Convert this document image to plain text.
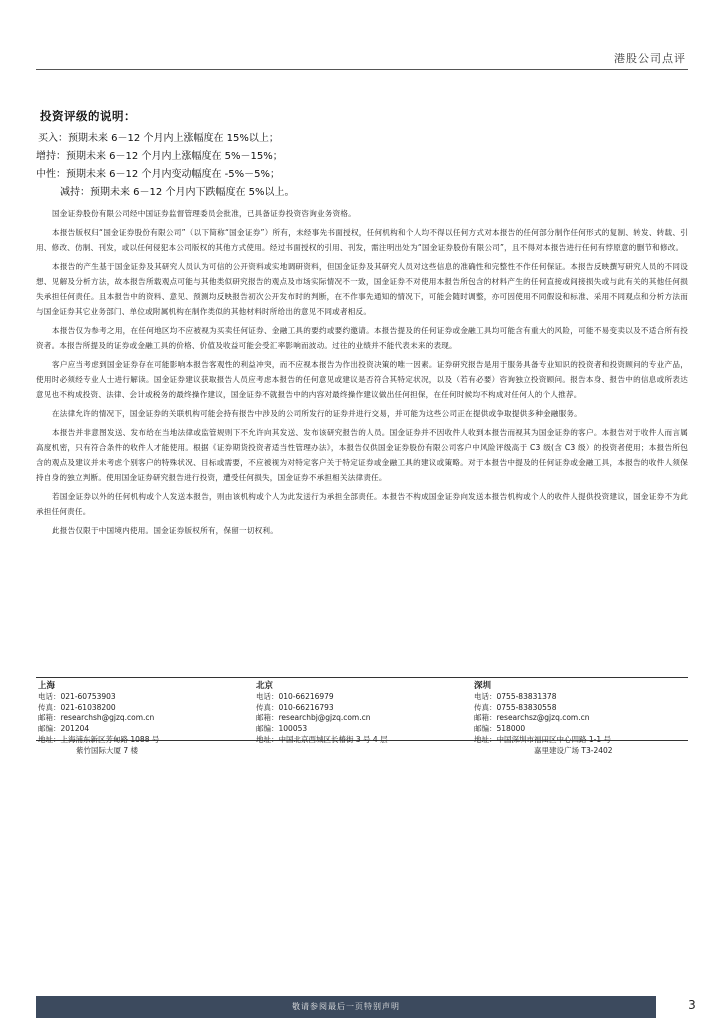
港股公司点评
投资评级的说明：

买入：预期未来 6－12 个月内上涨幅度在 15%以上；

增持：预期未来 6－12 个月内上涨幅度在 5%－15%；

中性：预期未来 6－12 个月内变动幅度在 -5%－5%；

减持：预期未来 6－12 个月内下跌幅度在 5%以上。

国金证券股份有限公司经中国证券监督管理委员会批准，已具备证券投资咨询业务资格。

本报告版权归“国金证券股份有限公司”（以下简称“国金证券”）所有，未经事先书面授权，任何机构和个人均不得以任何方式对本报告的任何部分制作任何形式的复制、转发、转载、引用、修改、仿制、刊发，或以任何侵犯本公司版权的其他方式使用。经过书面授权的引用、刊发，需注明出处为“国金证券股份有限公司”，且不得对本报告进行任何有悖原意的删节和修改。

本报告的产生基于国金证券及其研究人员认为可信的公开资料或实地调研资料，但国金证券及其研究人员对这些信息的准确性和完整性不作任何保证。本报告反映撰写研究人员的不同设想、见解及分析方法，故本报告所载观点可能与其他类似研究报告的观点及市场实际情况不一致，国金证券不对使用本报告所包含的材料产生的任何直接或间接损失或与此有关的其他任何损失承担任何责任。且本报告中的资料、意见、预测均反映报告初次公开发布时的判断，在不作事先通知的情况下，可能会随时调整，亦可因使用不同假设和标准、采用不同观点和分析方法而与国金证券其它业务部门、单位或附属机构在制作类似的其他材料时所给出的意见不同或者相反。

本报告仅为参考之用，在任何地区均不应被视为买卖任何证券、金融工具的要约或要约邀请。本报告提及的任何证券或金融工具均可能含有重大的风险，可能不易变卖以及不适合所有投资者。本报告所提及的证券或金融工具的价格、价值及收益可能会受汇率影响而波动。过往的业绩并不能代表未来的表现。

客户应当考虑到国金证券存在可能影响本报告客观性的利益冲突，而不应视本报告为作出投资决策的唯一因素。证券研究报告是用于服务具备专业知识的投资者和投资顾问的专业产品，使用时必须经专业人士进行解读。国金证券建议获取报告人员应考虑本报告的任何意见或建议是否符合其特定状况，以及（若有必要）咨询独立投资顾问。报告本身、报告中的信息或所表达意见也不构成投资、法律、会计或税务的最终操作建议，国金证券不就报告中的内容对最终操作建议做出任何担保，在任何时候均不构成对任何人的个人推荐。

在法律允许的情况下，国金证券的关联机构可能会持有报告中涉及的公司所发行的证券并进行交易，并可能为这些公司正在提供或争取提供多种金融服务。

本报告并非意图发送、发布给在当地法律或监管规则下不允许向其发送、发布该研究报告的人员。国金证券并不因收件人收到本报告而视其为国金证券的客户。本报告对于收件人而言属高度机密，只有符合条件的收件人才能使用。根据《证券期货投资者适当性管理办法》，本报告仅供国金证券股份有限公司客户中风险评级高于 C3 级(含 C3 级）的投资者使用；本报告所包含的观点及建议并未考虑个别客户的特殊状况、目标或需要，不应被视为对特定客户关于特定证券或金融工具的建议或策略。对于本报告中提及的任何证券或金融工具，本报告的收件人须保持自身的独立判断。使用国金证券研究报告进行投资，遭受任何损失，国金证券不承担相关法律责任。

若国金证券以外的任何机构或个人发送本报告，则由该机构或个人为此发送行为承担全部责任。本报告不构成国金证券向发送本报告机构或个人的收件人提供投资建议，国金证券不为此承担任何责任。

此报告仅限于中国境内使用。国金证券版权所有，保留一切权利。

上海
电话：021-60753903
传真：021-61038200
邮箱：researchsh@gjzq.com.cn
邮编：201204
地址：上海浦东新区芳甸路 1088 号
紫竹国际大厦 7 楼
北京
电话：010-66216979
传真：010-66216793
邮箱：researchbj@gjzq.com.cn
邮编：100053
地址：中国北京西城区长椿街 3 号 4 层
深圳
电话：0755-83831378
传真：0755-83830558
邮箱：researchsz@gjzq.com.cn
邮编：518000
地址：中国深圳市福田区中心四路 1-1 号
嘉里建设广场 T3-2402
敬请参阅最后一页特别声明	3
